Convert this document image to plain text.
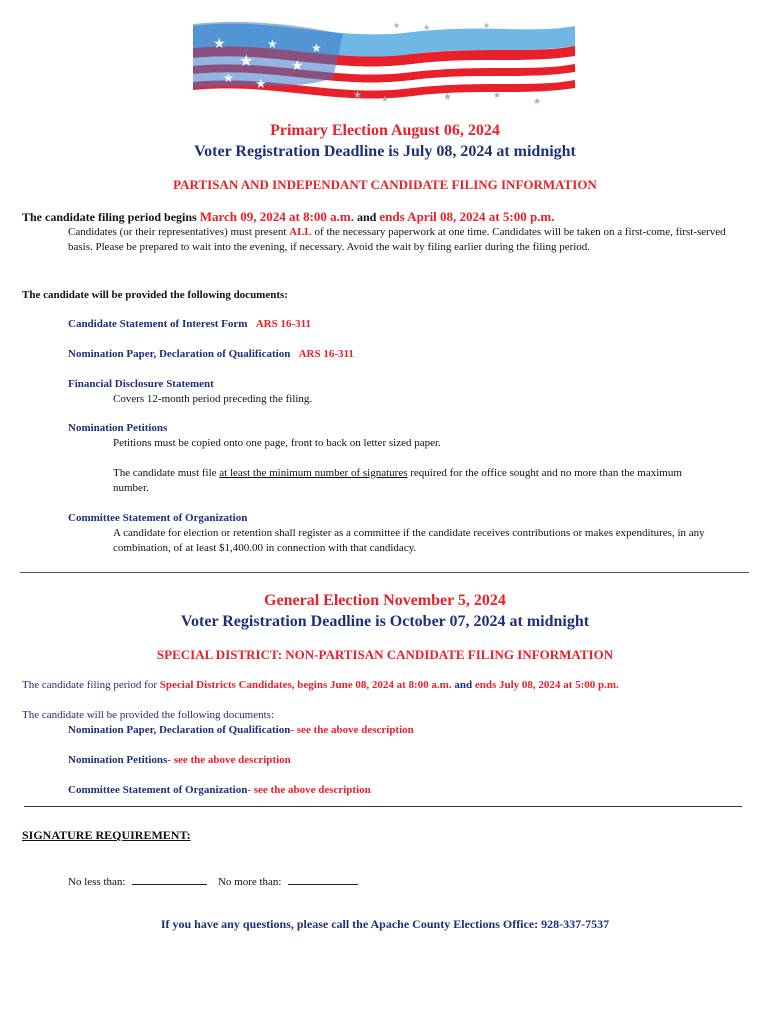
★
★
★
★
★
★ ★
★ ★	★	★
★	★
★
★
Primary Election August 06, 2024
Voter Registration Deadline is July 08, 2024 at midnight
PARTISAN AND INDEPENDANT CANDIDATE FILING INFORMATION
The candidate filing period begins March 09, 2024 at 8:00 a.m. and ends April 08, 2024 at 5:00 p.m.
Candidates (or their representatives) must present ALL of the necessary paperwork at one time. Candidates will be taken on a first-come, first-served basis. Please be prepared to wait into the evening, if necessary. Avoid the wait by filing earlier during the filing period.
The candidate will be provided the following documents:
Candidate Statement of Interest Form ARS 16-311
Nomination Paper, Declaration of Qualification ARS 16-311
Financial Disclosure Statement
Covers 12-month period preceding the filing.
Nomination Petitions
Petitions must be copied onto one page, front to back on letter sized paper.
The candidate must file at least the minimum number of signatures required for the office sought and no more than the maximum number.
Committee Statement of Organization
A candidate for election or retention shall register as a committee if the candidate receives contributions or makes expenditures, in any combination, of at least $1,400.00 in connection with that candidacy.
General Election November 5, 2024
Voter Registration Deadline is October 07, 2024 at midnight
SPECIAL DISTRICT: NON-PARTISAN CANDIDATE FILING INFORMATION
The candidate filing period for Special Districts Candidates, begins June 08, 2024 at 8:00 a.m. and ends July 08, 2024 at 5:00 p.m.
The candidate will be provided the following documents:
Nomination Paper, Declaration of Qualification- see the above description
Nomination Petitions- see the above description
Committee Statement of Organization- see the above description
SIGNATURE REQUIREMENT:
No less than:	No more than:
If you have any questions, please call the Apache County Elections Office: 928-337-7537
